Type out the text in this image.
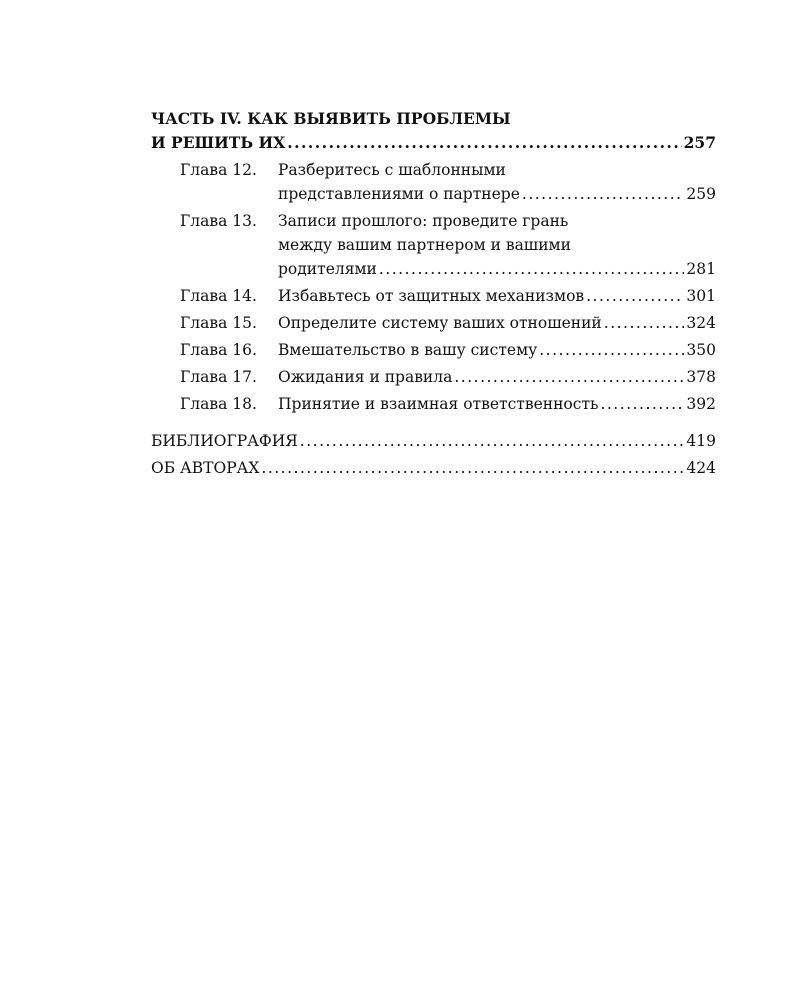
ЧАСТЬ IV. КАК ВЫЯВИТЬ ПРОБЛЕМЫ
И РЕШИТЬ ИХ .....	257
Глава 12.	Разберитесь с шаблонными
представлениями о партнере .....	259
Глава 13.	Записи прошлого: проведите грань
между вашим партнером и вашими
родителями .....	281
Глава 14.	Избавьтесь от защитных механизмов .....	301
Глава 15.	Определите систему ваших отношений .....	324
Глава 16.	Вмешательство в вашу систему .....	350
Глава 17.	Ожидания и правила .....	378
Глава 18.	Принятие и взаимная ответственность .....	392
БИБЛИОГРАФИЯ .....	419
ОБ АВТОРАХ .....	424
